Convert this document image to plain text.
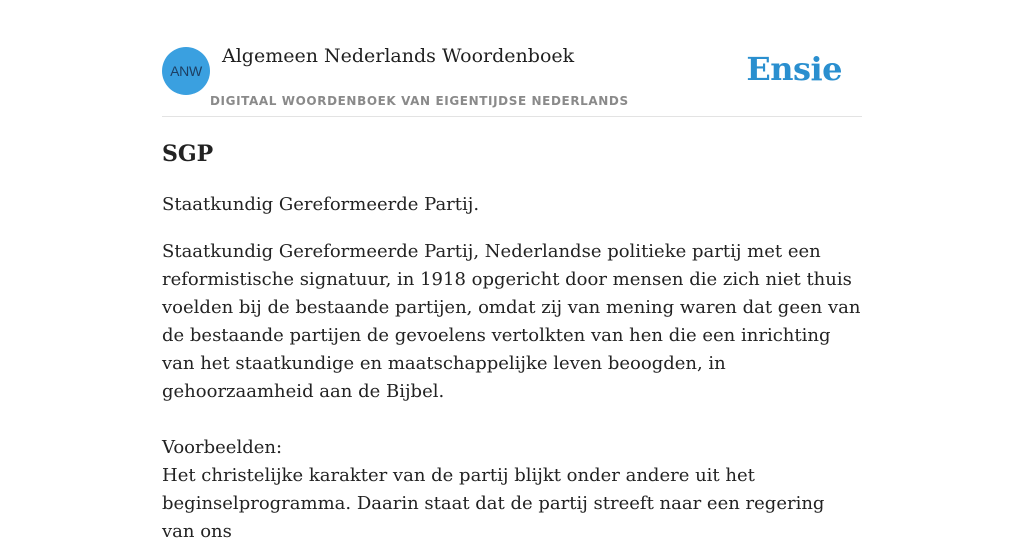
ANW
Algemeen Nederlands Woordenboek
DIGITAAL WOORDENBOEK VAN EIGENTIJDSE NEDERLANDS
Ensie
SGP

Staatkundig Gereformeerde Partij.

Staatkundig Gereformeerde Partij, Nederlandse politieke partij met een reformistische signatuur, in 1918 opgericht door mensen die zich niet thuis voelden bij de bestaande partijen, omdat zij van mening waren dat geen van de bestaande partijen de gevoelens vertolkten van hen die een inrichting van het staatkundige en maatschappelijke leven beoogden, in gehoorzaamheid aan de Bijbel.

Voorbeelden:

Het christelijke karakter van de partij blijkt onder andere uit het beginselprogramma. Daarin staat dat de partij streeft naar een regering van ons
